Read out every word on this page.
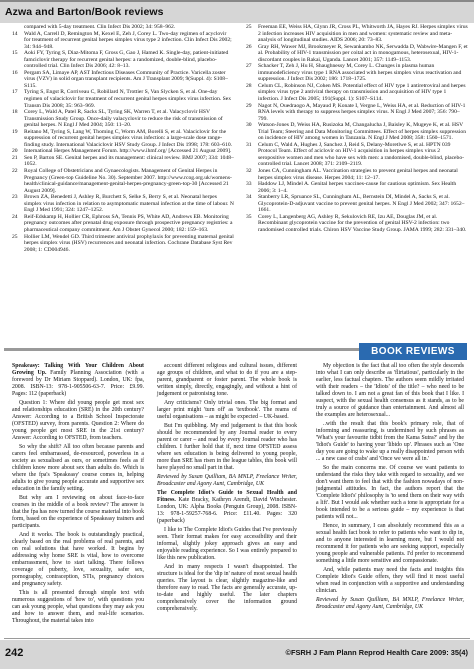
Azwa and Barton/Book reviews

compared with 5-day treatment. Clin Infect Dis 2002; 34: 958–962.

14 Wald A, Carrell D, Remington M, Kexel E, Zeh J, Corey L. Two-day regimen of acyclovir for treatment of recurrent genital herpes simplex virus type 2 infection. Clin Infect Dis 2002; 34: 944–948.

15 Aoki FY, Tyring S, Diaz-Mitoma F, Gross G, Gao J, Hamed K. Single-day, patient-initiated famciclovir therapy for recurrent genital herpes: a randomized, double-blind, placebo-controlled trial. Clin Infect Dis 2006; 42: 8–13.

16 Pergam SA, Limaye AP, AST Infectious Diseases Community of Practice. Varicella zoster virus (VZV) in solid organ transplant recipients. Am J Transplant 2009; 9(Suppl. 4): S108–S115.

17 Tyring S, Engst R, Corriveau C, Robillard N, Trottier S, Van Slycken S, et al. One-day regimen of valaciclovir for treatment of recurrent genital herpes simplex virus infection. Sex Transm Dis 2008; 35: 963–969.

18 Corey L, Wald A, Patel R, Sacks SL, Tyring SK, Warren T, et al. Valacyclovir HSV Transmission Study Group. Once-daily valacyclovir to reduce the risk of transmission of genital herpes. N Engl J Med 2004; 350: 11–20.

19 Reitano M, Tyring S, Lang W, Thoming C, Worm AM, Borelli S, et al. Valaciclovir for the suppression of recurrent genital herpes simplex virus infection: a large-scale dose range-finding study. International Valaciclovir HSV Study Group. J Infect Dis 1998; 178: 603–610.

20 International Herpes Management Forum. http://www.ihmf.org/ [Accessed 21 August 2009].

21 Sen P, Barton SE. Genital herpes and its management: clinical review. BMJ 2007; 334: 1048–1052.

22 Royal College of Obstetricians and Gynaecologists. Management of Genital Herpes in Pregnancy (Green-top Guideline No. 30). September 2007. http://www.rcog.org.uk/womens-health/clinical-guidance/management-genital-herpes-pregnancy-green-top-30 [Accessed 21 August 2009].

23 Brown ZA, Benedetti J, Ashley R, Burchett S, Selke S, Berry S, et al. Neonatal herpes simplex virus infection in relation to asymptomatic maternal infection at the time of labour. N Engl J Med 1991; 324: 1247–1252.

24 Reif-Edskamp H, Hollier CR, Ephross SA, Tennis PS, White AD, Andrews EB. Monitoring pregnancy outcomes after prenatal drug exposure through prospective pregnancy registries: a pharmaceutical company commitment. Am J Obstet Gynecol 2000; 182: 159–163.

25 Hollier LM, Wendel GD. Third trimester antiviral prophylaxis for preventing maternal genital herpes simplex virus (HSV) recurrences and neonatal infection. Cochrane Database Syst Rev 2008; 1: CD004946.

25 Freeman EE, Weiss HA, Glynn JR, Cross PL, Whitworth JA, Hayes RJ. Herpes simplex virus 2 infection increases HIV acquisition in men and women: systematic review and meta-analysis of longitudinal studies. AIDS 2006; 20: 73–83.

26 Gray RH, Wawer MJ, Brookmeyer R, Sewankambo NK, Serwadda D, Wabwire-Mangen F, et al. Probability of HIV-1 transmission per coital act in monogamous, heterosexual, HIV-1-discordant couples in Rakai, Uganda. Lancet 2001; 357: 1149–1153.

27 Schacker T, Zeh J, Hu H, Shaughnessy M, Corey L. Changes in plasma human immunodeficiency virus type 1 RNA associated with herpes simplex virus reactivation and suppression. J Infect Dis 2002; 186: 1718–1725.

28 Celum CL, Robinson NJ, Cohen MS. Potential effect of HIV type 1 antiretroviral and herpes simplex virus type 2 antiviral therapy on transmission and acquisition of HIV type 1 infection. J Infect Dis 2005; 191(Suppl. 1): S107–S114.

29 Nagot N, Ouedraogo A, Mayaud P, Konate I, Vergne L, Weiss HA, et al. Reduction of HIV-1 RNA levels with therapy to suppress herpes simplex virus. N Engl J Med 2007; 356: 790–799.

30 Watson-Jones D, Weiss HA, Rusizoka M, Changalucha J, Baisley K, Mugeye K, et al. HSV Trial Team; Steering and Data Monitoring Committees. Effect of herpes simplex suppression on incidence of HIV among women in Tanzania. N Engl J Med 2008; 358: 1560–1571.

31 Celum C, Wald A, Hughes J, Sanchez J, Reid S, Delany-Moretlwe S, et al. HPTN 039 Protocol Team. Effect of aciclovir on HIV-1 acquisition in herpes simplex virus 2 seropositive women and men who have sex with men: a randomised, double-blind, placebo-controlled trial. Lancet 2008; 371: 2109–2119.

32 Jones CA, Cunningham AL. Vaccination strategies to prevent genital herpes and neonatal herpes simplex virus disease. Herpes 2004; 11: 12–17.

33 Haddow LJ, Mindel A. Genital herpes vaccines-cause for cautious optimism. Sex Health 2006; 3: 1–4.

34 Stanberry LR, Spruance SL, Cunningham AL, Bernstein DI, Mindel A, Sacks S, et al. Glycoprotein-D-adjuvant vaccine to prevent genital herpes. N Engl J Med 2002; 347: 1652–1661.

35 Corey L, Langenberg AG, Ashley R, Sekulovich RE, Izu AE, Douglas JM, et al. Recombinant glycoprotein vaccine for the prevention of genital HSV-2 infection: two randomised controlled trials. Chiron HSV Vaccine Study Group. JAMA 1999; 282: 331–340.

BOOK REVIEWS

Speakeasy: Talking With Your Children About Growing Up. Family Planning Association (with a foreword by Dr Miriam Stoppard). London, UK: fpa, 2008. ISBN-13: 978-1-905506-63-7. Price: £9.99. Pages: 112 (paperback)

Question 1: Where did young people get most sex and relationships education (SRE) in the 20th century? Answer: According to a British School Inspectorate (OFSTED) survey, from parents. Question 2: Where do young people get most SRE in the 21st century? Answer: According to OFSTED, from teachers.

So why the shift? All too often because parents and carers feel embarrassed, de-resourced, powerless in a society as sexualised as ours, or sometimes feels as if children know more about sex than adults do. Which is where the fpa's 'Speakeasy' course comes in, helping adults to give young people accurate and supportive sex education in the family setting.

But why am I reviewing on about face-to-face courses in the middle of a book review? The answer is that the fpa has now turned the course material into book form, based on the experience of Speakeasy trainers and participants.

And it works. The book is outstandingly practical, clearly based on the real problems of real parents, and on real solutions that have worked. It begins by addressing why home SRE is vital, how to overcome embarrassment, how to start talking. There follows coverage of puberty, love, sexuality, safer sex, pornography, contraception, STIs, pregnancy choices and pregnancy safety.

This is all presented through simple text with numerous suggestions of 'how to', with questions you can ask young people, what questions they may ask you and how to answer them, and real-life scenarios. Throughout, the material takes into

account different religious and cultural issues, different age groups of children, and what to do if you are a step-parent, grandparent or foster parent. The whole book is written simply, directly, engagingly, and without a hint of judgement or patronising tone.

Any criticisms? Only trivial ones. The big format and larger print might 'turn off' as 'textbook'. The reams of useful organisations – as might be expected – UK-based.

But I'm quibbling. My end judgement is that this book should be recommended by any Journal reader to every parent or carer – and read by every Journal reader who has children. I further hold that if, next time OFSTED assess where sex education is being delivered to young people, more than SRE has risen in the league tables, this book will have played no small part in that.

Reviewed by Susan Quilliam, BA MNLP, Freelance Writer, Broadcaster and Agony Aunt, Cambridge, UK

The Complete Idiot's Guide to Sexual Health and Fitness. Kate Bracky, Kathryn Arendt, David Winchester. London, UK: Alpha Books (Penguin Group), 2008. ISBN-13: 978-1-59257-768-6. Price: £11.40. Pages: 320 (paperback)

I like to The Complete Idiot's Guides that I've previously seen. Their format makes for easy accessibility and their informal, slightly jokey approach gives an easy and enjoyable reading experience. So I was entirely prepared to like this new publication.

And in many respects I wasn't disappointed. The structure is ideal for the 'dip in' nature of most sexual health queries. The layout is clear, slightly magazine-like and therefore easy to read. The facts are generally accurate, up-to-date and highly useful. The later chapters comprehensively cover the information ground comprehensively.

My objection is the fact that all too often the style descends into what I can only describe as 'flirtatious', particularly in the earlier, less factual chapters. The authors seem mildly irritated with their readers – the 'Idiots' of the title? – who need to be talked down to. I am not a great fan of this book that I like. I suspect, with the sexual health consensus as it stands, as to be truly a source of guidance than entertainment. And almost all the examples are heterosexual...

..with the result that this book's primary role, that of informing and reassuring, is undermined by such phrases as 'What's your favourite tidbit from the Kama Sutra?' and by the 'Idiot's Guide' to having your 'libido up'. Phrases such as 'One day you are going to wake up a really disappointed person with ... a new case of crabs' and 'Once we were all in.'

So the main concerns me. Of course we want patients to understand the risks they take with regard to sexuality, and we don't want them to feel that with the fashion nowadays of non-judgmental attitudes. In fact, the authors report that the 'Complete Idiot's' philosophy is 'to send them on their way with a lift'. But I would ask whether such a tone is appropriate for a book intended to be a serious guide – my experience is that patients will not...

Hence, in summary, I can absolutely recommend this as a sexual health fact book to refer to patients who want to dip in, and to anyone interested in learning more, but I would not recommend it for patients who are seeking support, especially young people and vulnerable patients. I'd prefer to recommend something a little more sensitive and compassionate.

And, while patients may need the facts and insights this Complete Idiot's Guide offers, they will find it most useful when read in conjunction with a supportive and understanding clinician.

Reviewed by Susan Quilliam, BA MNLP, Freelance Writer, Broadcaster and Agony Aunt, Cambridge, UK

242	©FSRH J Fam Plann Reprod Health Care 2009: 35(4)
